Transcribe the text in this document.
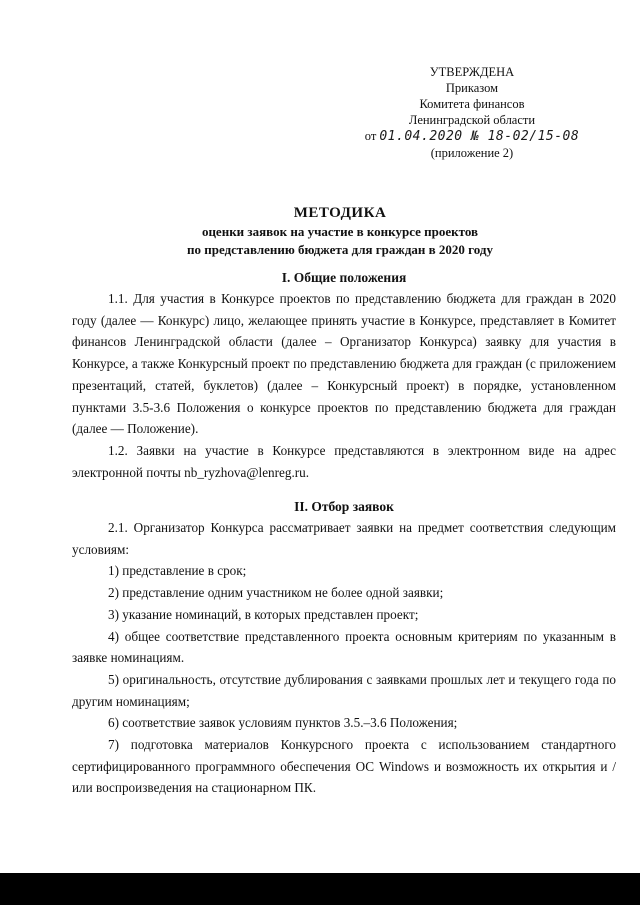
УТВЕРЖДЕНА
Приказом
Комитета финансов
Ленинградской области
от 01.04.2020 № 18-02/15-08
(приложение 2)
МЕТОДИКА
оценки заявок на участие в конкурсе проектов
по представлению бюджета для граждан в 2020 году
I. Общие положения

1.1. Для участия в Конкурсе проектов по представлению бюджета для граждан в 2020 году (далее — Конкурс) лицо, желающее принять участие в Конкурсе, представляет в Комитет финансов Ленинградской области (далее – Организатор Конкурса) заявку для участия в Конкурсе, а также Конкурсный проект по представлению бюджета для граждан (с приложением презентаций, статей, буклетов) (далее – Конкурсный проект) в порядке, установленном пунктами 3.5-3.6 Положения о конкурсе проектов по представлению бюджета для граждан (далее — Положение).

1.2. Заявки на участие в Конкурсе представляются в электронном виде на адрес электронной почты nb_ryzhova@lenreg.ru.

II. Отбор заявок

2.1. Организатор Конкурса рассматривает заявки на предмет соответствия следующим условиям:

1) представление в срок;

2) представление одним участником не более одной заявки;

3) указание номинаций, в которых представлен проект;

4) общее соответствие представленного проекта основным критериям по указанным в заявке номинациям.

5) оригинальность, отсутствие дублирования с заявками прошлых лет и текущего года по другим номинациям;

6) соответствие заявок условиям пунктов 3.5.–3.6 Положения;

7) подготовка материалов Конкурсного проекта с использованием стандартного сертифицированного программного обеспечения ОС Windows и возможность их открытия и /или воспроизведения на стационарном ПК.
